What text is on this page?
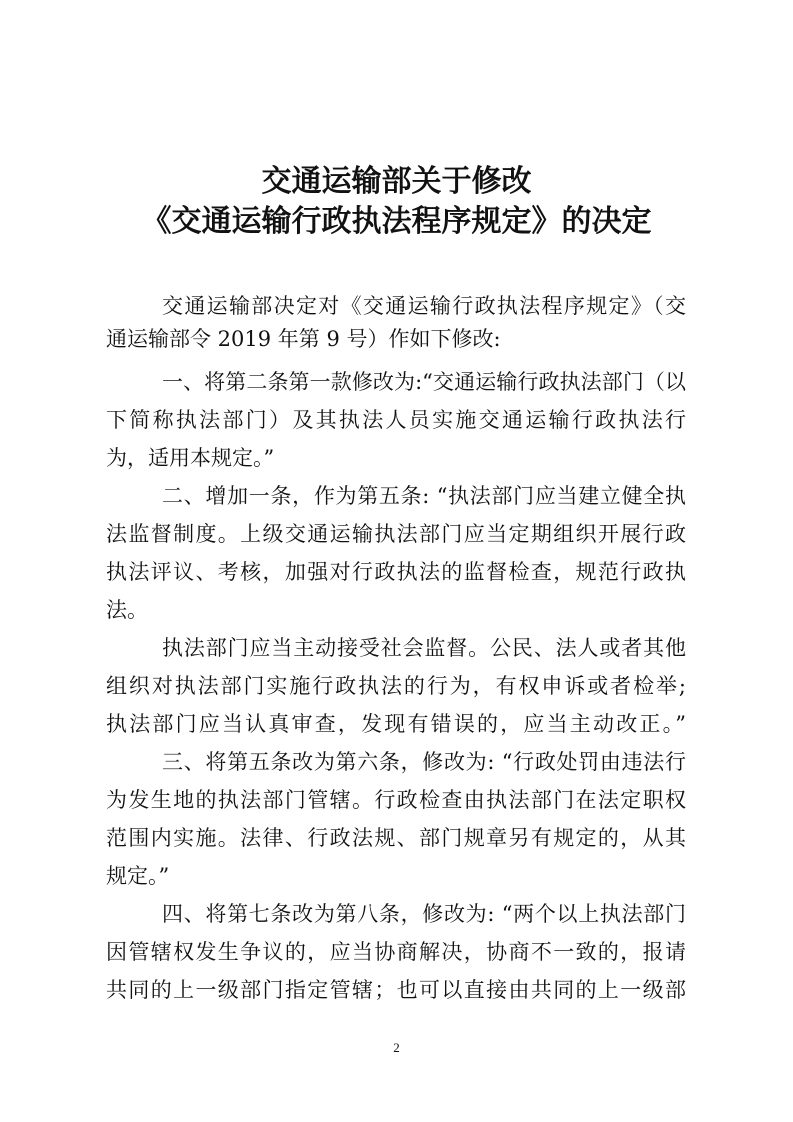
交通运输部关于修改
《交通运输行政执法程序规定》的决定
交通运输部决定对《交通运输行政执法程序规定》（交
通运输部令 2019 年第 9 号）作如下修改:
一、将第二条第一款修改为:“交通运输行政执法部门（以
下简称执法部门）及其执法人员实施交通运输行政执法行
为，适用本规定。”
二、增加一条，作为第五条: “执法部门应当建立健全执
法监督制度。上级交通运输执法部门应当定期组织开展行政
执法评议、考核，加强对行政执法的监督检查，规范行政执
法。
执法部门应当主动接受社会监督。公民、法人或者其他
组织对执法部门实施行政执法的行为，有权申诉或者检举;
执法部门应当认真审查，发现有错误的，应当主动改正。”
三、将第五条改为第六条，修改为: “行政处罚由违法行
为发生地的执法部门管辖。行政检查由执法部门在法定职权
范围内实施。法律、行政法规、部门规章另有规定的，从其
规定。”
四、将第七条改为第八条，修改为: “两个以上执法部门
因管辖权发生争议的，应当协商解决，协商不一致的，报请
共同的上一级部门指定管辖；也可以直接由共同的上一级部
2
